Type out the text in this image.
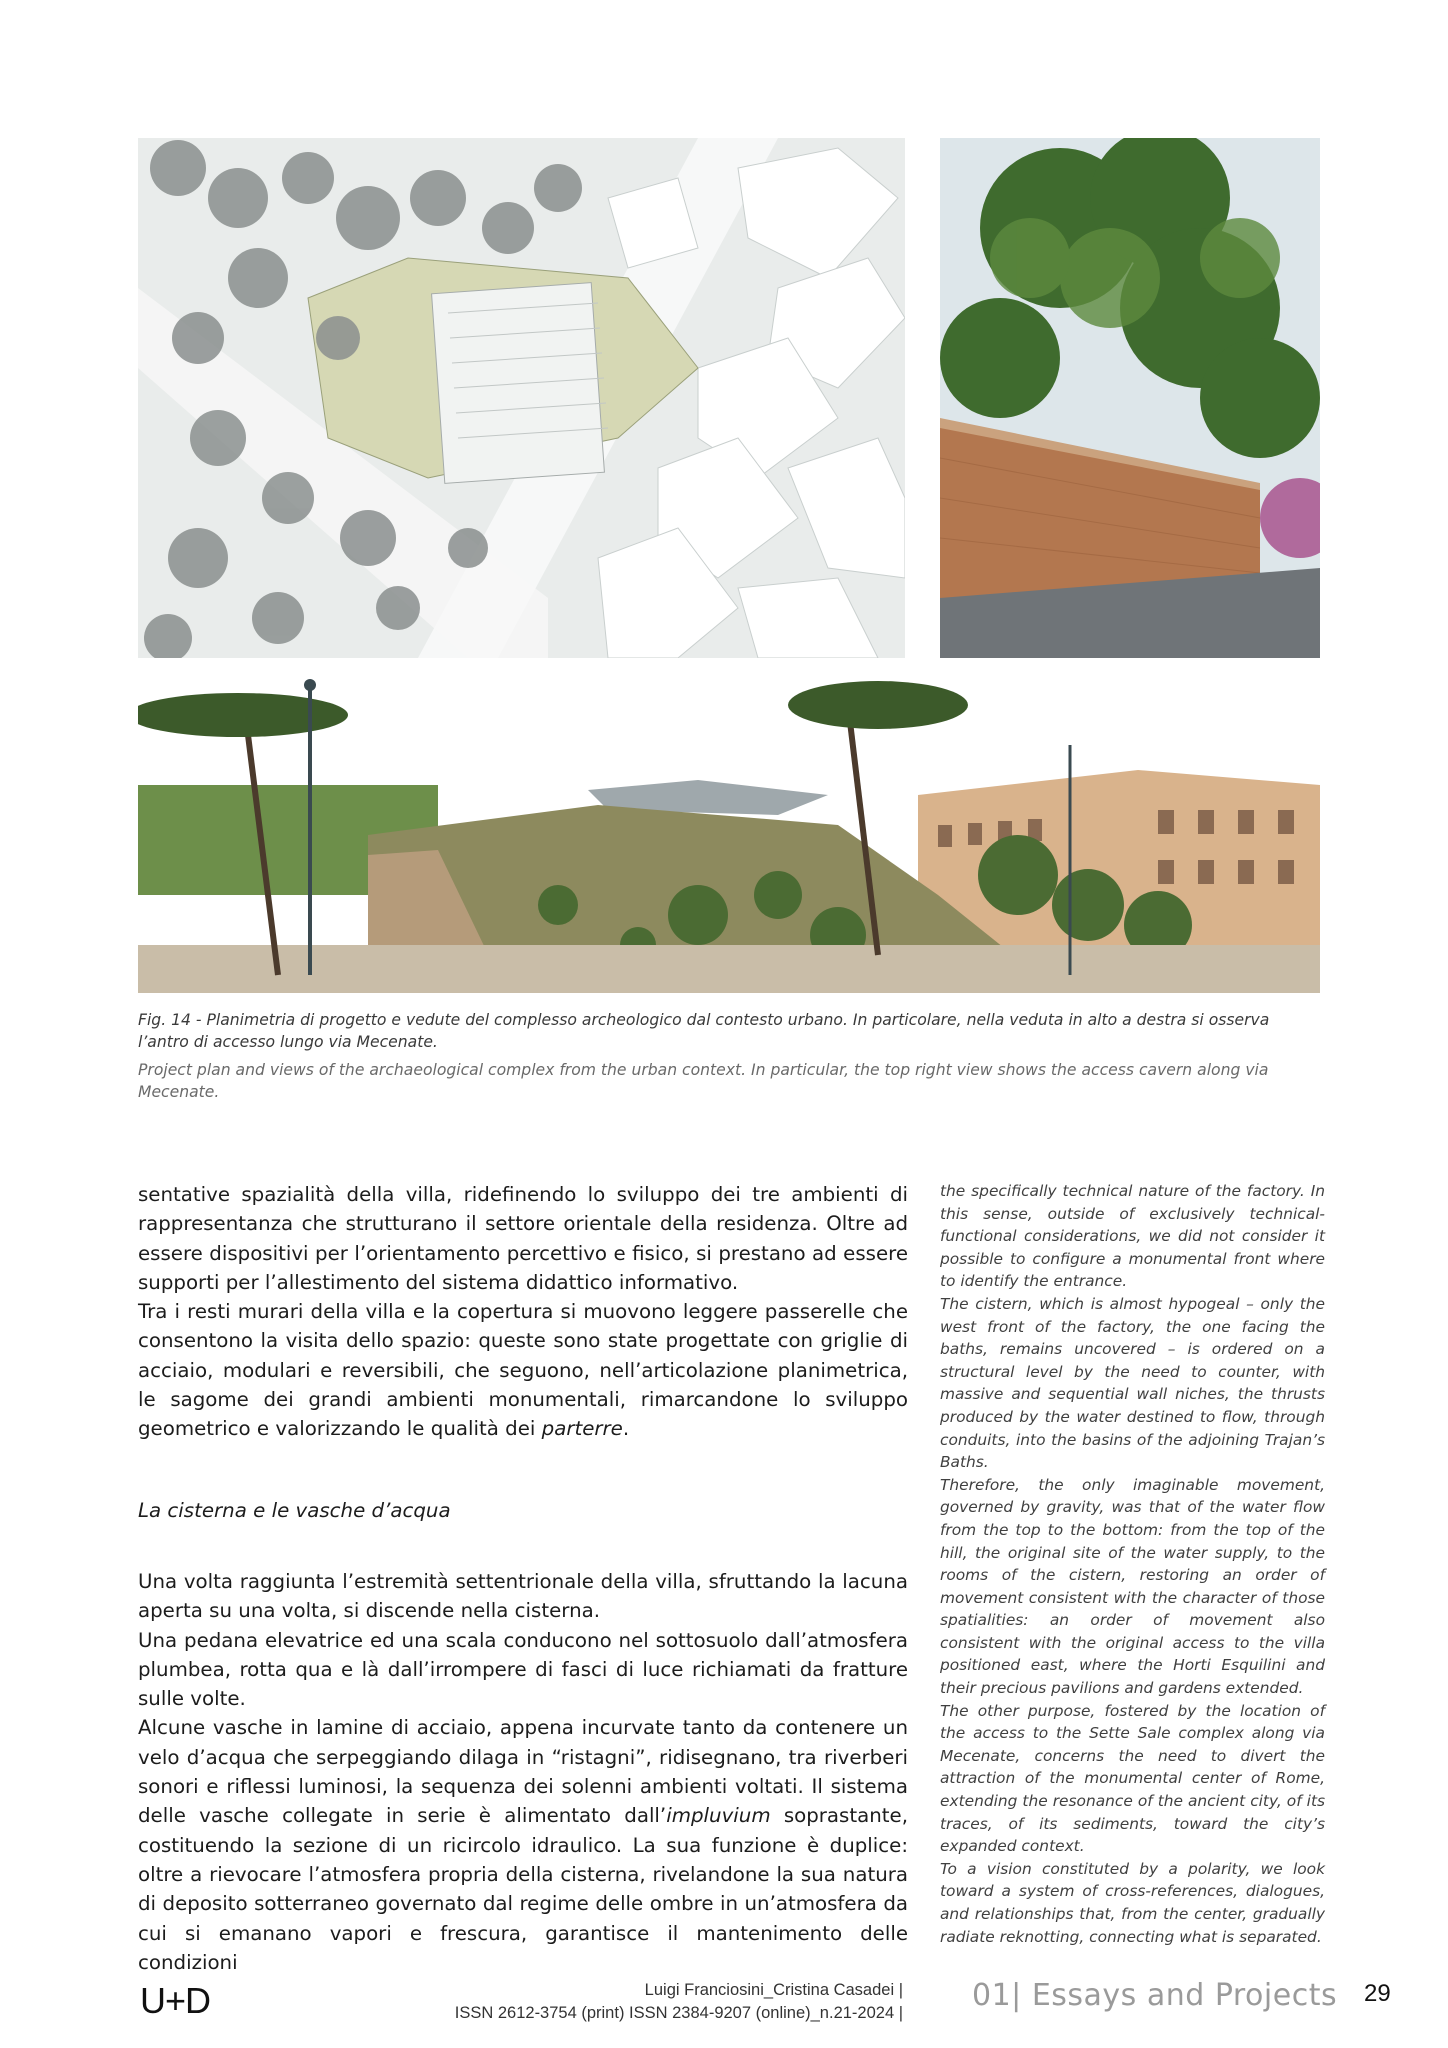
Fig. 14 - Planimetria di progetto e vedute del complesso archeologico dal contesto urbano. In particolare, nella veduta in alto a destra si osserva l’antro di accesso lungo via Mecenate.

Project plan and views of the archaeological complex from the urban context. In particular, the top right view shows the access cavern along via Mecenate.

sentative spazialità della villa, ridefinendo lo sviluppo dei tre ambienti di rappresentanza che strutturano il settore orientale della residenza. Oltre ad essere dispositivi per l’orientamento percettivo e fisico, si prestano ad essere supporti per l’allestimento del sistema didattico informativo.

Tra i resti murari della villa e la copertura si muovono leggere passerelle che consentono la visita dello spazio: queste sono state progettate con griglie di acciaio, modulari e reversibili, che seguono, nell’articolazione planimetrica, le sagome dei grandi ambienti monumentali, rimarcandone lo sviluppo geometrico e valorizzando le qualità dei parterre.

La cisterna e le vasche d’acqua

Una volta raggiunta l’estremità settentrionale della villa, sfruttando la lacuna aperta su una volta, si discende nella cisterna.

Una pedana elevatrice ed una scala conducono nel sottosuolo dall’atmosfera plumbea, rotta qua e là dall’irrompere di fasci di luce richiamati da fratture sulle volte.

Alcune vasche in lamine di acciaio, appena incurvate tanto da contenere un velo d’acqua che serpeggiando dilaga in “ristagni”, ridisegnano, tra riverberi sonori e riflessi luminosi, la sequenza dei solenni ambienti voltati. Il sistema delle vasche collegate in serie è alimentato dall’impluvium soprastante, costituendo la sezione di un ricircolo idraulico. La sua funzione è duplice: oltre a rievocare l’atmosfera propria della cisterna, rivelandone la sua natura di deposito sotterraneo governato dal regime delle ombre in un’atmosfera da cui si emanano vapori e frescura, garantisce il mantenimento delle condizioni

the specifically technical nature of the factory. In this sense, outside of exclusively technical-functional considerations, we did not consider it possible to configure a monumental front where to identify the entrance.

The cistern, which is almost hypogeal – only the west front of the factory, the one facing the baths, remains uncovered – is ordered on a structural level by the need to counter, with massive and sequential wall niches, the thrusts produced by the water destined to flow, through conduits, into the basins of the adjoining Trajan’s Baths.

Therefore, the only imaginable movement, governed by gravity, was that of the water flow from the top to the bottom: from the top of the hill, the original site of the water supply, to the rooms of the cistern, restoring an order of movement consistent with the character of those spatialities: an order of movement also consistent with the original access to the villa positioned east, where the Horti Esquilini and their precious pavilions and gardens extended.

The other purpose, fostered by the location of the access to the Sette Sale complex along via Mecenate, concerns the need to divert the attraction of the monumental center of Rome, extending the resonance of the ancient city, of its traces, of its sediments, toward the city’s expanded context.

To a vision constituted by a polarity, we look toward a system of cross-references, dialogues, and relationships that, from the center, gradually radiate reknotting, connecting what is separated.

U+D	Luigi Franciosini_Cristina Casadei |
ISSN 2612-3754 (print) ISSN 2384-9207 (online)_n.21-2024 | 01| Essays and Projects 29
